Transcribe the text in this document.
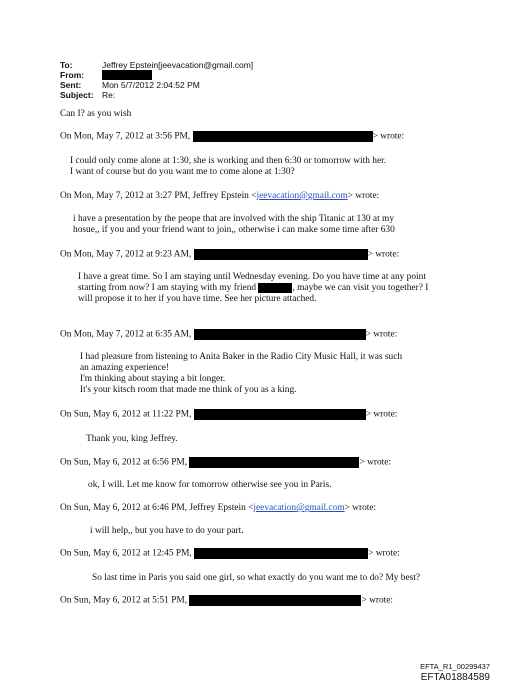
To:	Jeffrey Epstein[jeevacation@gmail.com]
From:
Sent:	Mon 5/7/2012 2:04:52 PM
Subject: Re:
Can I? as you wish
On Mon, May 7, 2012 at 3:56 PM,	> wrote:
I could only come alone at 1:30, she is working and then 6:30 or tomorrow with her.
I want of course but do you want me to come alone at 1:30?
On Mon, May 7, 2012 at 3:27 PM, Jeffrey Epstein <jeevacation@gmail.com> wrote:
i have a presentation by the peope that are involved with the ship Titanic at 130 at my
hosue,, if you and your friend want to join,, otherwise i can make some time after 630
On Mon, May 7, 2012 at 9:23 AM,	> wrote:
I have a great time. So I am staying until Wednesday evening. Do you have time at any point
starting from now? I am staying with my friend	, maybe we can visit you together? I
will propose it to her if you have time. See her picture attached.
On Mon, May 7, 2012 at 6:35 AM,	> wrote:
I had pleasure from listening to Anita Baker in the Radio City Music Hall, it was such
an amazing experience!
I'm thinking about staying a bit longer.
It's your kitsch room that made me think of you as a king.
On Sun, May 6, 2012 at 11:22 PM,	> wrote:
Thank you, king Jeffrey.
On Sun, May 6, 2012 at 6:56 PM,	> wrote:
ok, I will. Let me know for tomorrow otherwise see you in Paris.
On Sun, May 6, 2012 at 6:46 PM, Jeffrey Epstein <jeevacation@gmail.com> wrote:
i will help,, but you have to do your part.
On Sun, May 6, 2012 at 12:45 PM,	> wrote:
So last time in Paris you said one girl, so what exactly do you want me to do? My best?
On Sun, May 6, 2012 at 5:51 PM,	> wrote:
EFTA_R1_00299437
EFTA01884589
